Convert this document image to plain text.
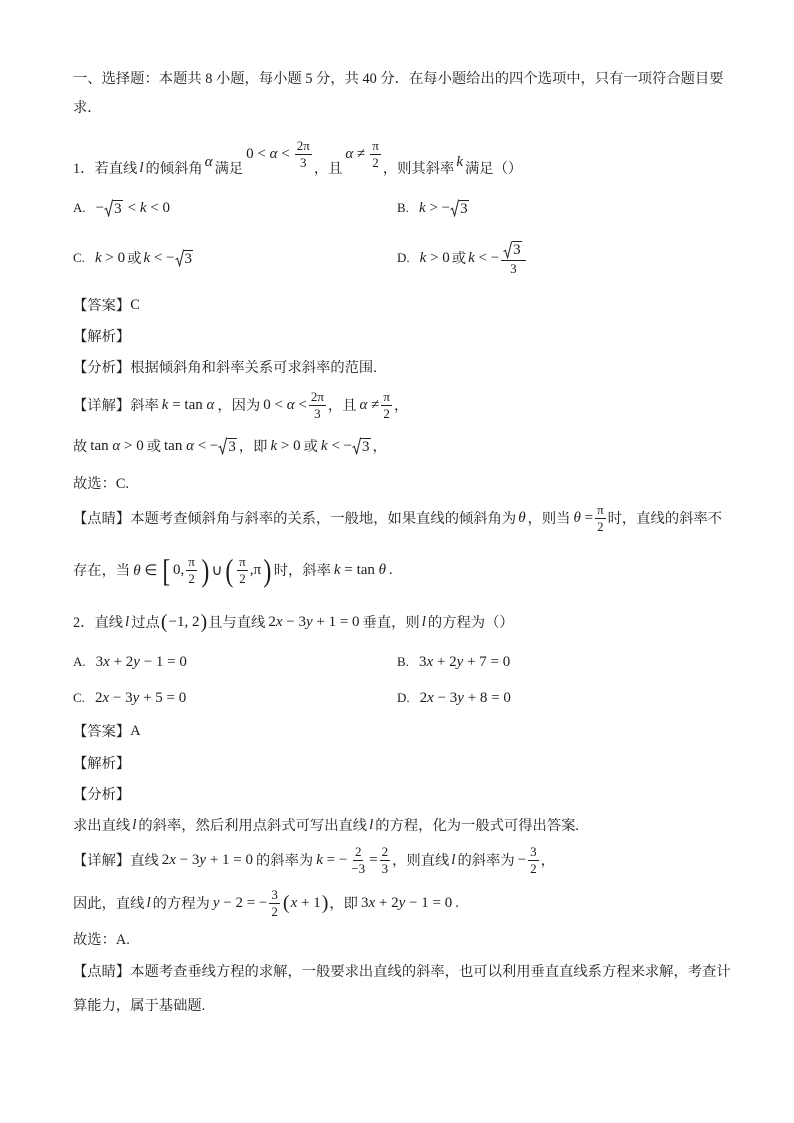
一、选择题：本题共 8 小题，每小题 5 分，共 40 分．在每小题给出的四个选项中，只有一项符合题目要
求．
1． 若直线 l 的倾斜角 α 满足
$0 < \alpha < \frac{2\pi}{3}$ ，且
$\alpha \ne \frac{\pi}{2}$ ，则其斜率 k 满足（）
A. − 3 < k < 0	B. k > − 3
C. k > 0 或 k < − 3	D. k > 0 或 k < − $\frac{3}{3}$
【答案】 C
【解析】
【分析】 根据倾斜角和斜率关系可求斜率的范围.
【详解】 斜率 k = tan α ，因为 $0 < \alpha < \frac{2\pi}{3}$ ，且 $\alpha \ne \frac{\pi}{2}$ ，
故 tan α > 0 或 tan α < − 3 ，即 k > 0 或 k < − 3 ，
故选：C.
【点睛】 本题考查倾斜角与斜率的关系，一般地，如果直线的倾斜角为 θ ，则当 $\theta = \frac{\pi}{2}$ 时，直线的斜率不
存在，当 θ ∈ [ 0, $\frac{\pi}{2}$ ) ∪ ( $\frac{\pi}{2} ,\pi$ ) 时，斜率 k = tan θ .
2． 直线 l 过点 ( −1, 2 ) 且与直线 2x − 3y + 1 = 0 垂直，则 l 的方程为（）
A. 3x + 2y − 1 = 0	B. 3x + 2y + 7 = 0
C. 2x − 3y + 5 = 0	D. 2x − 3y + 8 = 0
【答案】 A
【解析】
【分析】
求出直线 l 的斜率，然后利用点斜式可写出直线 l 的方程，化为一般式可得出答案.
【详解】 直线 2x − 3y + 1 = 0 的斜率为 k = − $\frac{2}{-3} = \frac{2}{3}$ ，则直线 l 的斜率为 − $\frac{3}{2}$ ，
因此，直线 l 的方程为 y − 2 = − $\frac{3}{2}$ ( x + 1 ) ，即 3x + 2y − 1 = 0 .
故选：A.
【点睛】 本题考查垂线方程的求解，一般要求出直线的斜率，也可以利用垂直直线系方程来求解，考查计
算能力，属于基础题.
